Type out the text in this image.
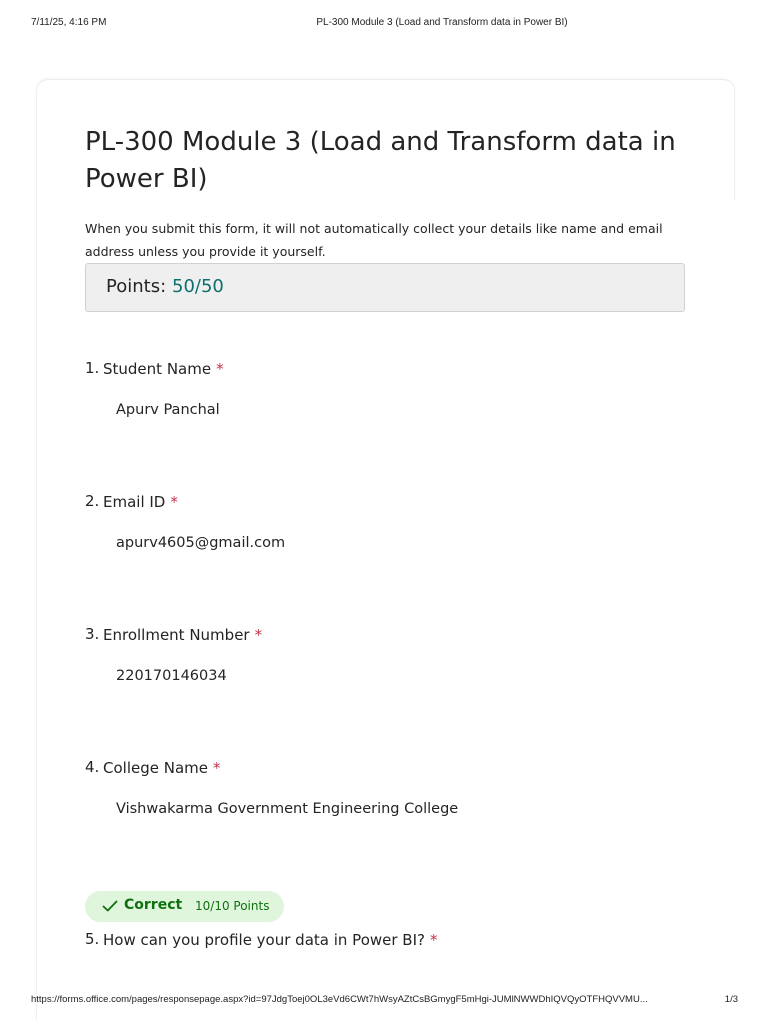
7/11/25, 4:16 PM	PL-300 Module 3 (Load and Transform data in Power BI)
PL-300 Module 3 (Load and Transform data in Power BI)
When you submit this form, it will not automatically collect your details like name and email address unless you provide it yourself.
Points: 50/50
1. Student Name *
Apurv Panchal
2. Email ID *
apurv4605@gmail.com
3. Enrollment Number *
220170146034
4. College Name *
Vishwakarma Government Engineering College
Correct 10/10 Points
5. How can you profile your data in Power BI? *
https://forms.office.com/pages/responsepage.aspx?id=97JdgToej0OL3eVd6CWt7hWsyAZtCsBGmygF5mHgi-JUMlNWWDhIQVQyOTFHQVVMU...	1/3
